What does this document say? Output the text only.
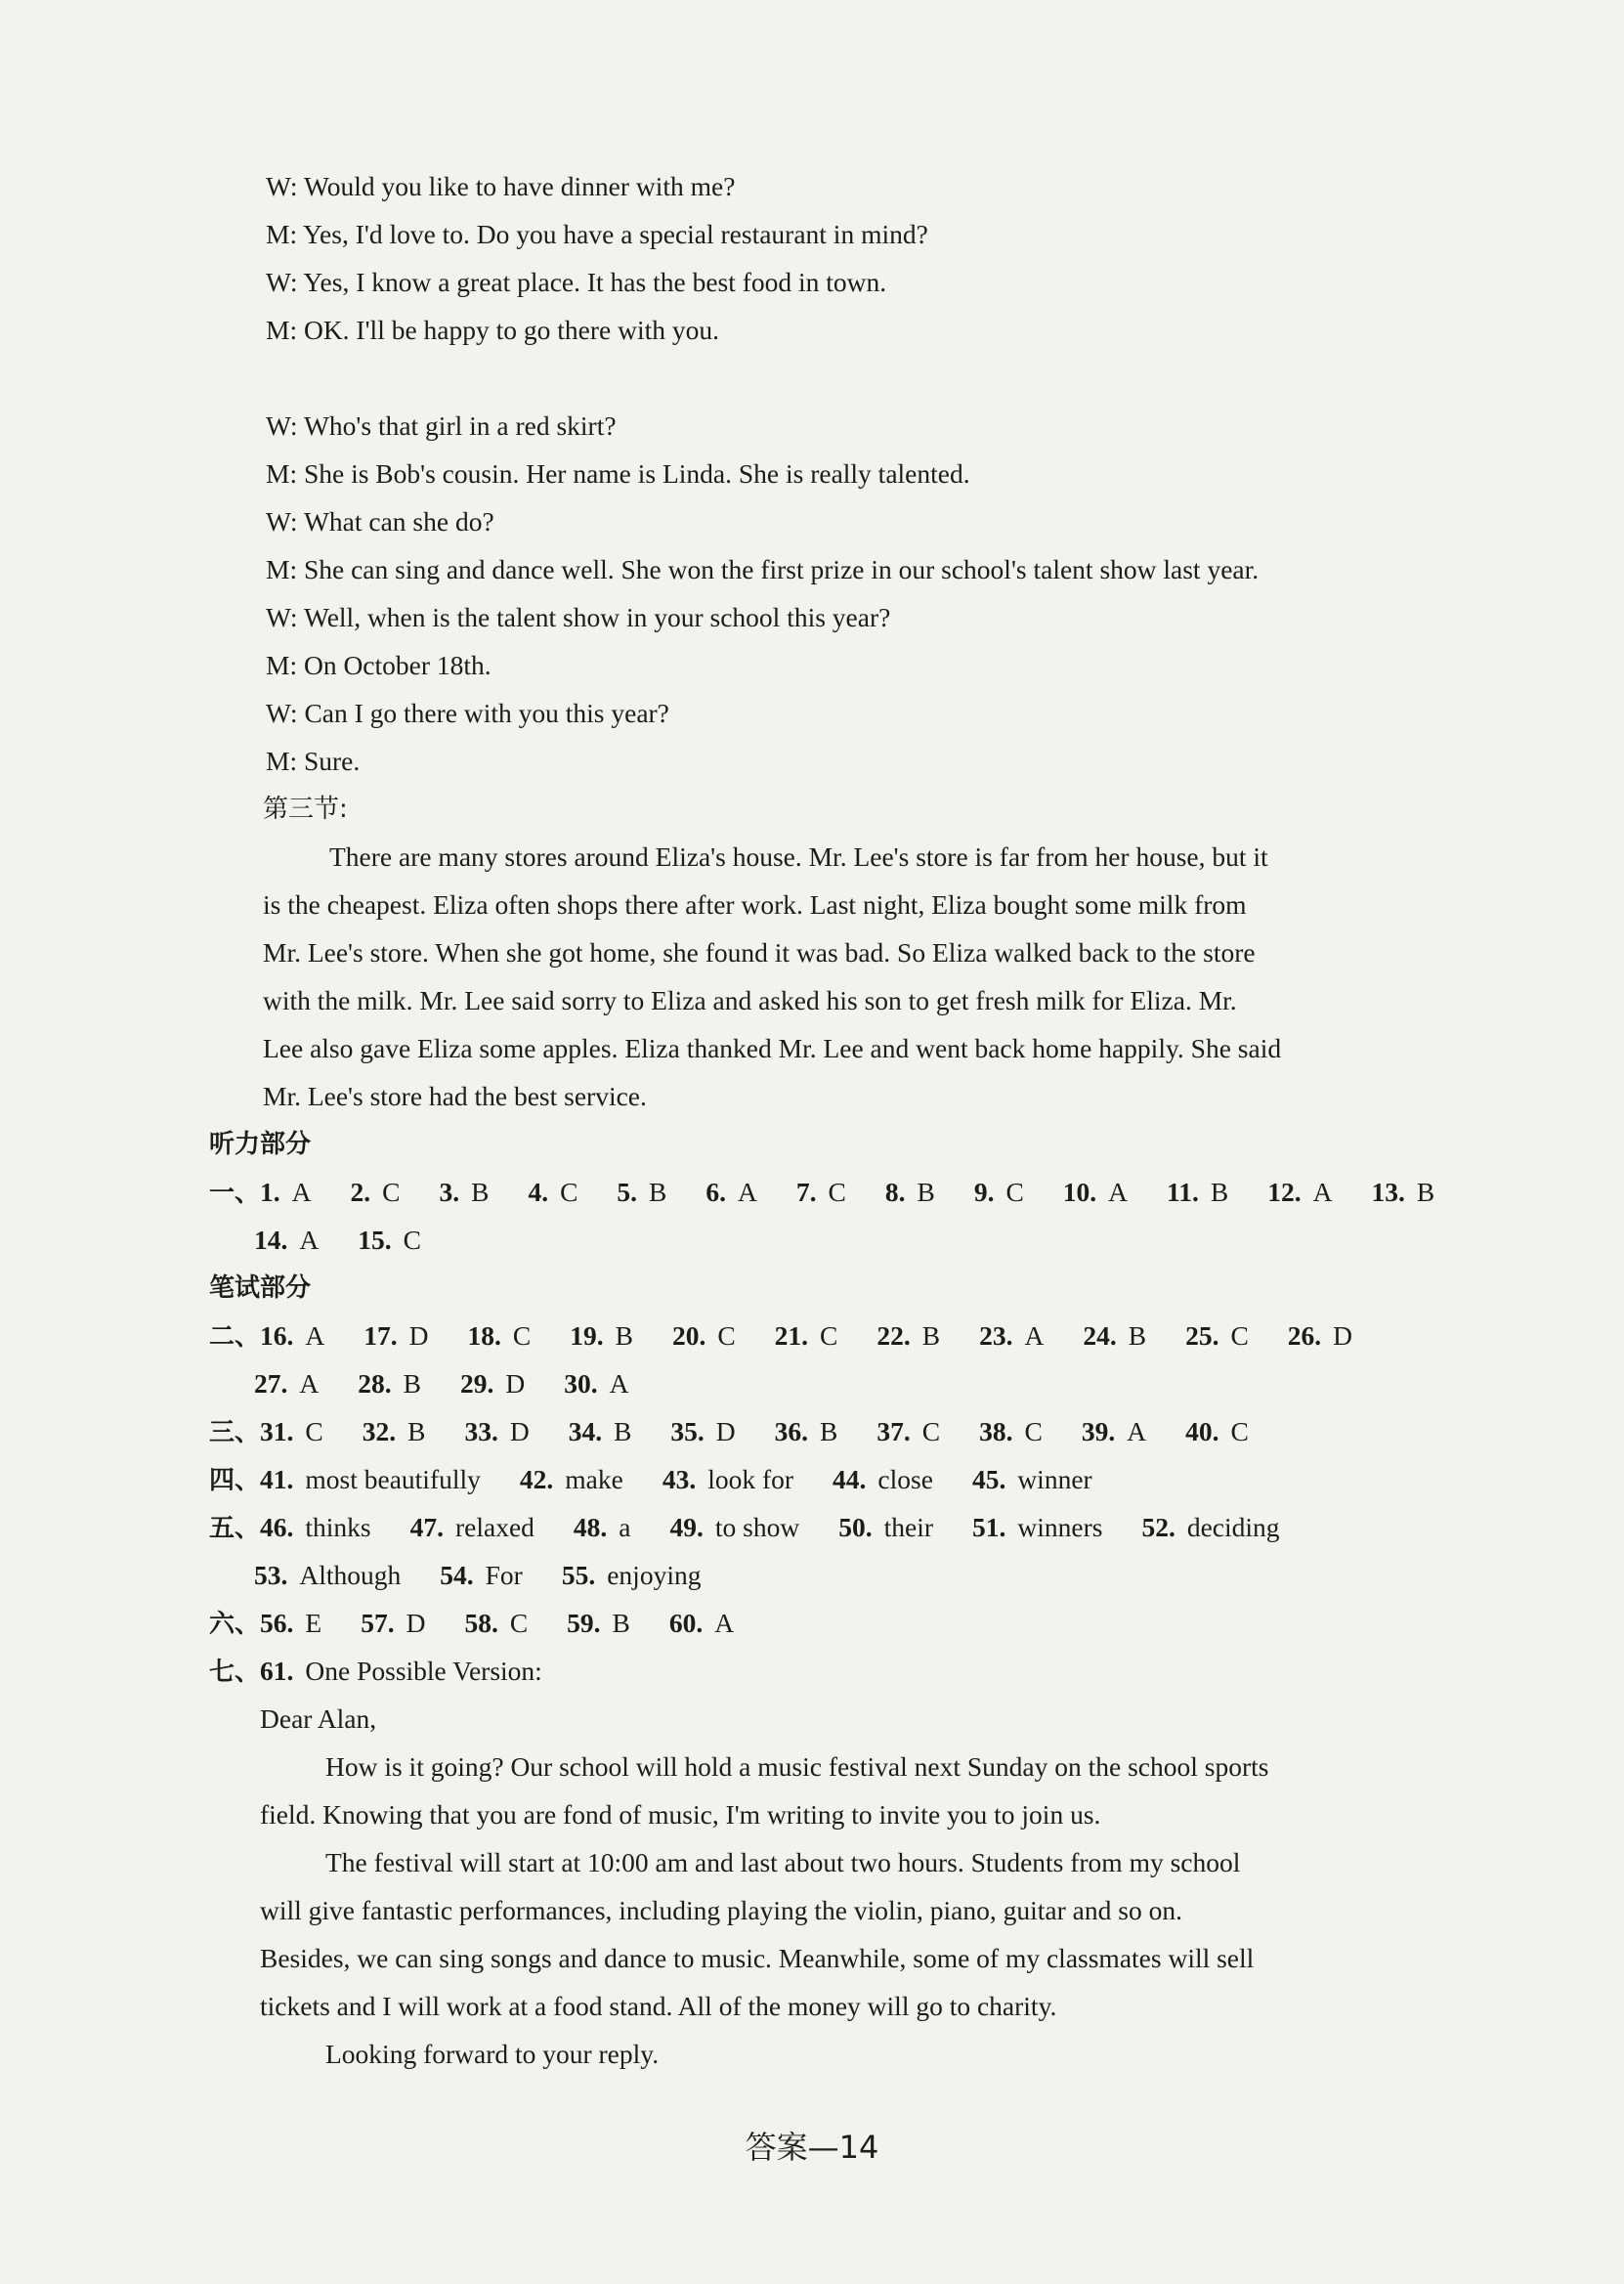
W: Would you like to have dinner with me?
M: Yes, I'd love to. Do you have a special restaurant in mind?
W: Yes, I know a great place. It has the best food in town.
M: OK. I'll be happy to go there with you.
W: Who's that girl in a red skirt?
M: She is Bob's cousin. Her name is Linda. She is really talented.
W: What can she do?
M: She can sing and dance well. She won the first prize in our school's talent show last year.
W: Well, when is the talent show in your school this year?
M: On October 18th.
W: Can I go there with you this year?
M: Sure.
第三节:
There are many stores around Eliza's house. Mr. Lee's store is far from her house, but it
is the cheapest. Eliza often shops there after work. Last night, Eliza bought some milk from
Mr. Lee's store. When she got home, she found it was bad. So Eliza walked back to the store
with the milk. Mr. Lee said sorry to Eliza and asked his son to get fresh milk for Eliza. Mr.
Lee also gave Eliza some apples. Eliza thanked Mr. Lee and went back home happily. She said
Mr. Lee's store had the best service.
听力部分
一、1. A 2. C 3. B 4. C 5. B 6. A 7. C 8. B 9. C 10. A 11. B 12. A 13. B
14. A 15. C
笔试部分
二、16. A 17. D 18. C 19. B 20. C 21. C 22. B 23. A 24. B 25. C 26. D
27. A 28. B 29. D 30. A
三、31. C 32. B 33. D 34. B 35. D 36. B 37. C 38. C 39. A 40. C
四、41. most beautifully 42. make 43. look for 44. close 45. winner
五、46. thinks 47. relaxed 48. a 49. to show 50. their 51. winners 52. deciding
53. Although 54. For 55. enjoying
六、56. E 57. D 58. C 59. B 60. A
七、61. One Possible Version:
Dear Alan,
How is it going? Our school will hold a music festival next Sunday on the school sports
field. Knowing that you are fond of music, I'm writing to invite you to join us.
The festival will start at 10:00 am and last about two hours. Students from my school
will give fantastic performances, including playing the violin, piano, guitar and so on.
Besides, we can sing songs and dance to music. Meanwhile, some of my classmates will sell
tickets and I will work at a food stand. All of the money will go to charity.
Looking forward to your reply.
答案—14
